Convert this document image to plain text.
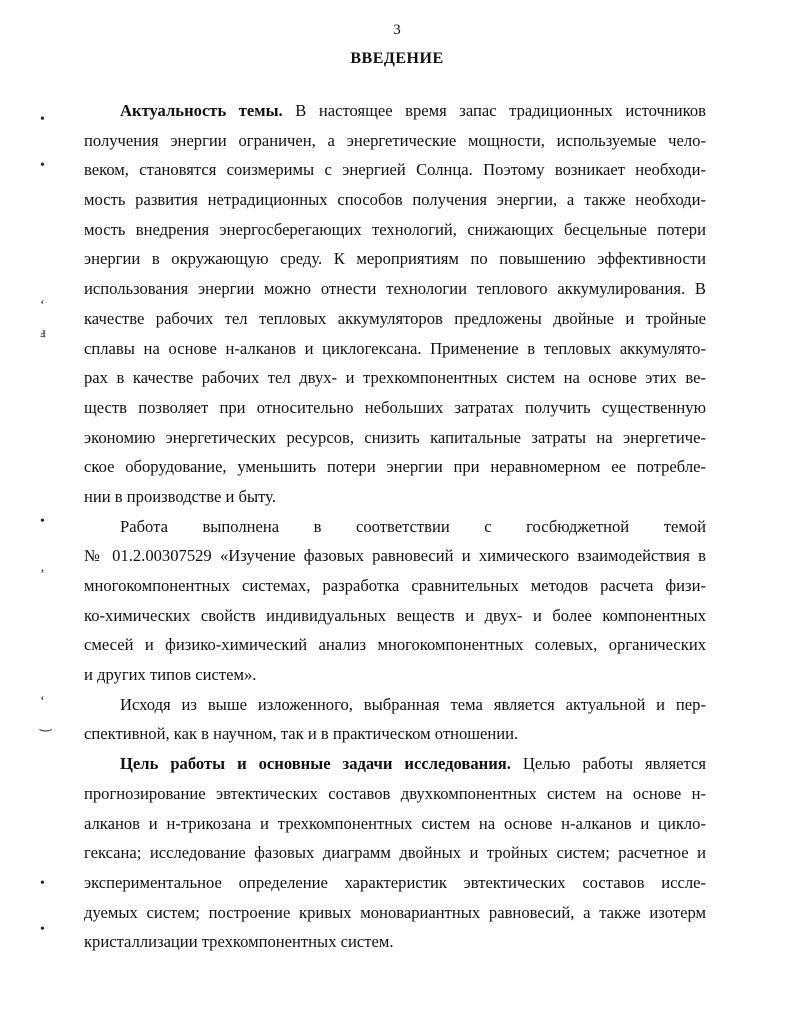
3
ВВЕДЕНИЕ
•
•
‘
ⅎ
•
‚
‘
‿
•
•
Актуальность темы. В настоящее время запас традиционных источников
получения энергии ограничен, а энергетические мощности, используемые чело-
веком, становятся соизмеримы с энергией Солнца. Поэтому возникает необходи-
мость развития нетрадиционных способов получения энергии, а также необходи-
мость внедрения энергосберегающих технологий, снижающих бесцельные потери
энергии в окружающую среду. К мероприятиям по повышению эффективности
использования энергии можно отнести технологии теплового аккумулирования. В
качестве рабочих тел тепловых аккумуляторов предложены двойные и тройные
сплавы на основе н-алканов и циклогексана. Применение в тепловых аккумулято-
рах в качестве рабочих тел двух- и трехкомпонентных систем на основе этих ве-
ществ позволяет при относительно небольших затратах получить существенную
экономию энергетических ресурсов, снизить капитальные затраты на энергетиче-
ское оборудование, уменьшить потери энергии при неравномерном ее потребле-
нии в производстве и быту.
Работа выполнена в соответствии с госбюджетной темой
№ 01.2.00307529 «Изучение фазовых равновесий и химического взаимодействия в
многокомпонентных системах, разработка сравнительных методов расчета физи-
ко-химических свойств индивидуальных веществ и двух- и более компонентных
смесей и физико-химический анализ многокомпонентных солевых, органических
и других типов систем».
Исходя из выше изложенного, выбранная тема является актуальной и пер-
спективной, как в научном, так и в практическом отношении.
Цель работы и основные задачи исследования. Целью работы является
прогнозирование эвтектических составов двухкомпонентных систем на основе н-
алканов и н-трикозана и трехкомпонентных систем на основе н-алканов и цикло-
гексана; исследование фазовых диаграмм двойных и тройных систем; расчетное и
экспериментальное определение характеристик эвтектических составов иссле-
дуемых систем; построение кривых моновариантных равновесий, а также изотерм
кристаллизации трехкомпонентных систем.
